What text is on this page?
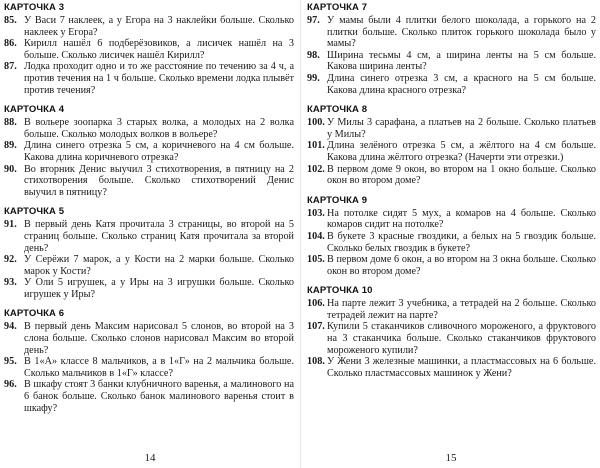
КАРТОЧКА 3
85. У Васи 7 наклеек, а у Егора на 3 наклейки больше. Сколько наклеек у Егора?
86. Кирилл нашёл 6 подберёзовиков, а лисичек нашёл на 3 больше. Сколько лисичек нашёл Кирилл?
87. Лодка проходит одно и то же расстояние по течению за 4 ч, а против течения на 1 ч больше. Сколько времени лодка плывёт против течения?
КАРТОЧКА 4
88. В вольере зоопарка 3 старых волка, а молодых на 2 волка больше. Сколько молодых волков в вольере?
89. Длина синего отрезка 5 см, а коричневого на 4 см больше. Какова длина коричневого отрезка?
90. Во вторник Денис выучил 3 стихотворения, в пятницу на 2 стихотворения больше. Сколько стихотворений Денис выучил в пятницу?
КАРТОЧКА 5
91. В первый день Катя прочитала 3 страницы, во второй на 5 страниц больше. Сколько страниц Катя прочитала за второй день?
92. У Серёжи 7 марок, а у Кости на 2 марки больше. Сколько марок у Кости?
93. У Оли 5 игрушек, а у Иры на 3 игрушки больше. Сколько игрушек у Иры?
КАРТОЧКА 6
94. В первый день Максим нарисовал 5 слонов, во второй на 3 слона больше. Сколько слонов нарисовал Максим во второй день?
95. В 1«А» классе 8 мальчиков, а в 1«Г» на 2 мальчика больше. Сколько мальчиков в 1«Г» классе?
96. В шкафу стоят 3 банки клубничного варенья, а малинового на 6 банок больше. Сколько банок малинового варенья стоит в шкафу?
14
КАРТОЧКА 7
97. У мамы были 4 плитки белого шоколада, а горького на 2 плитки больше. Сколько плиток горького шоколада было у мамы?
98. Ширина тесьмы 4 см, а ширина ленты на 5 см больше. Какова ширина ленты?
99. Длина синего отрезка 3 см, а красного на 5 см больше. Какова длина красного отрезка?
КАРТОЧКА 8
100. У Милы 3 сарафана, а платьев на 2 больше. Сколько платьев у Милы?
101. Длина зелёного отрезка 5 см, а жёлтого на 4 см больше. Какова длина жёлтого отрезка? (Начерти эти отрезки.)
102. В первом доме 9 окон, во втором на 1 окно больше. Сколько окон во втором доме?
КАРТОЧКА 9
103. На потолке сидят 5 мух, а комаров на 4 больше. Сколько комаров сидит на потолке?
104. В букете 3 красные гвоздики, а белых на 5 гвоздик больше. Сколько белых гвоздик в букете?
105. В первом доме 6 окон, а во втором на 3 окна больше. Сколько окон во втором доме?
КАРТОЧКА 10
106. На парте лежит 3 учебника, а тетрадей на 2 больше. Сколько тетрадей лежит на парте?
107. Купили 5 стаканчиков сливочного мороженого, а фруктового на 3 стаканчика больше. Сколько стаканчиков фруктового мороженого купили?
108. У Жени 3 железные машинки, а пластмассовых на 6 больше. Сколько пластмассовых машинок у Жени?
15
